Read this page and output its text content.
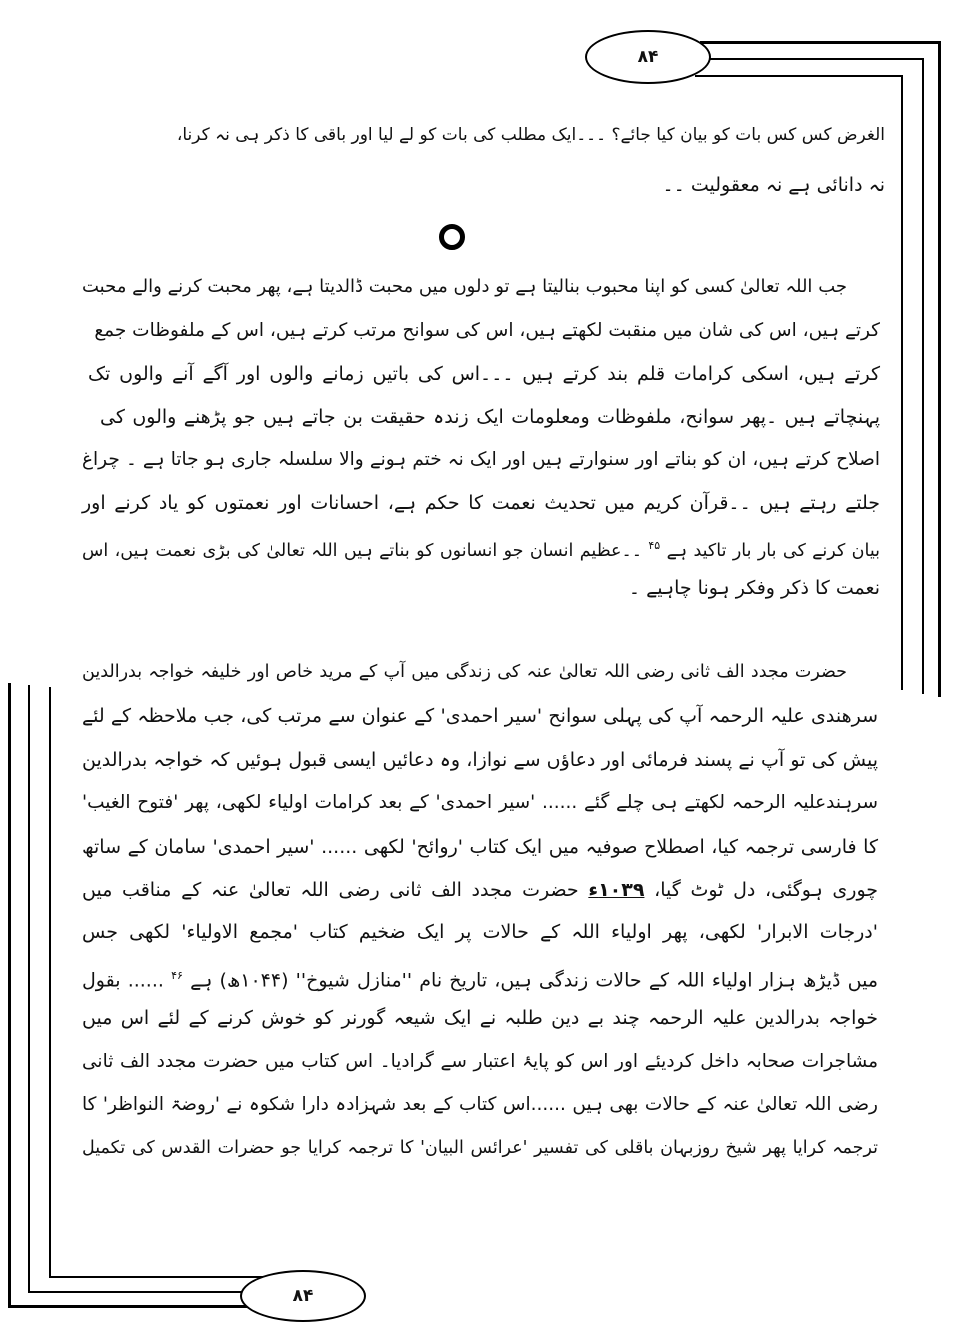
۸۴
۸۴
الغرض کس کس بات کو بیان کیا جائے؟ ۔۔۔ایک مطلب کی بات کو لے لیا اور باقی کا ذکر ہی نہ کرنا،
نہ دانائی ہے نہ معقولیت ۔۔
جب اللہ تعالیٰ کسی کو اپنا محبوب بنالیتا ہے تو دلوں میں محبت ڈالدیتا ہے، پھر محبت کرنے والے محبت
کرتے ہیں، اس کی شان میں منقبت لکھتے ہیں، اس کی سوانح مرتب کرتے ہیں، اس کے ملفوظات جمع
کرتے ہیں، اسکی کرامات قلم بند کرتے ہیں ۔۔۔اس کی باتیں زمانے والوں اور آگے آنے والوں تک
پہنچاتے ہیں ۔پھر سوانح، ملفوظات ومعلومات ایک زندہ حقیقت بن جاتے ہیں جو پڑھنے والوں کی
اصلاح کرتے ہیں، ان کو بناتے اور سنوارتے ہیں اور ایک نہ ختم ہونے والا سلسلہ جاری ہو جاتا ہے ۔ چراغ
جلتے رہتے ہیں ۔۔قرآن کریم میں تحدیث نعمت کا حکم ہے، احسانات اور نعمتوں کو یاد کرنے اور
بیان کرنے کی بار بار تاکید ہے $^{۴۵}$ ۔۔عظیم انسان جو انسانوں کو بناتے ہیں اللہ تعالیٰ کی بڑی نعمت ہیں، اس
نعمت کا ذکر وفکر ہونا چاہیے ۔
حضرت مجدد الف ثانی رضی اللہ تعالیٰ عنہ کی زندگی میں آپ کے مرید خاص اور خلیفہ خواجہ بدرالدین
سرھندی علیہ الرحمہ آپ کی پہلی سوانح 'سیر احمدی' کے عنوان سے مرتب کی، جب ملاحظہ کے لئے
پیش کی تو آپ نے پسند فرمائی اور دعاؤں سے نوازا، وہ دعائیں ایسی قبول ہوئیں کہ خواجہ بدرالدین
سرہندعلیہ الرحمہ لکھتے ہی چلے گئے ...... 'سیر احمدی' کے بعد کرامات اولیاء لکھی، پھر 'فتوح الغیب'
کا فارسی ترجمہ کیا، اصطلاح صوفیہ میں ایک کتاب 'روائح' لکھی ...... 'سیر احمدی' سامان کے ساتھ
چوری ہوگئی، دل ٹوٹ گیا، ۱۰۳۹ء حضرت مجدد الف ثانی رضی اللہ تعالیٰ عنہ کے مناقب میں
'درجات الابرار' لکھی، پھر اولیاء اللہ کے حالات پر ایک ضخیم کتاب 'مجمع الاولیاء' لکھی جس
میں ڈیڑھ ہزار اولیاء اللہ کے حالات زندگی ہیں، تاریخ نام ''منازل شیوخ'' (۱۰۴۴ھ) ہے $^{۴۶}$ ...... بقول
خواجہ بدرالدین علیہ الرحمہ چند بے دین طلبہ نے ایک شیعہ گورنر کو خوش کرنے کے لئے اس میں
مشاجرات صحابہ داخل کردیئے اور اس کو پایۂ اعتبار سے گرادیا۔ اس کتاب میں حضرت مجدد الف ثانی
رضی اللہ تعالیٰ عنہ کے حالات بھی ہیں ......اس کتاب کے بعد شہزادہ دارا شکوہ نے 'روضۃ النواظر' کا
ترجمہ کرایا پھر شیخ روزبہان باقلی کی تفسیر 'عرائس البیان' کا ترجمہ کرایا جو حضرات القدس کی تکمیل
